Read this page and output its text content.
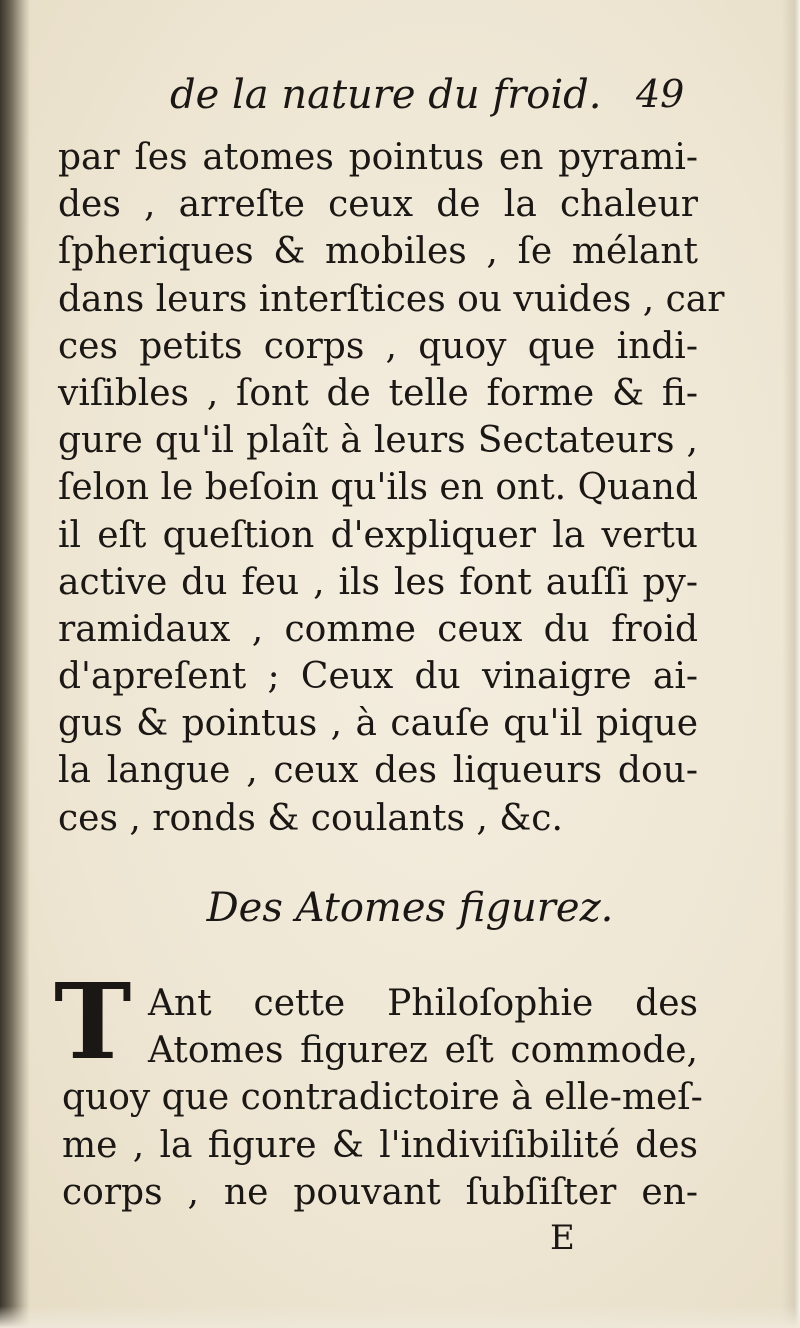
de la nature du froid. 49
par ſes atomes pointus en pyrami-
des , arreſte ceux de la chaleur
ſpheriques & mobiles , ſe mélant
dans leurs interſtices ou vuides , car
ces petits corps , quoy que indi-
viſibles , ſont de telle forme & fi-
gure qu'il plaît à leurs Sectateurs ,
ſelon le beſoin qu'ils en ont. Quand
il eſt queſtion d'expliquer la vertu
active du feu , ils les font auſſi py-
ramidaux , comme ceux du froid
d'apreſent ; Ceux du vinaigre ai-
gus & pointus , à cauſe qu'il pique
la langue , ceux des liqueurs dou-
ces , ronds & coulants , &c.
Des Atomes figurez.
T Ant cette Philoſophie des
Atomes figurez eſt commode,
quoy que contradictoire à elle-meſ-
me , la figure & l'indiviſibilité des
corps , ne pouvant ſubſiſter en-
E
